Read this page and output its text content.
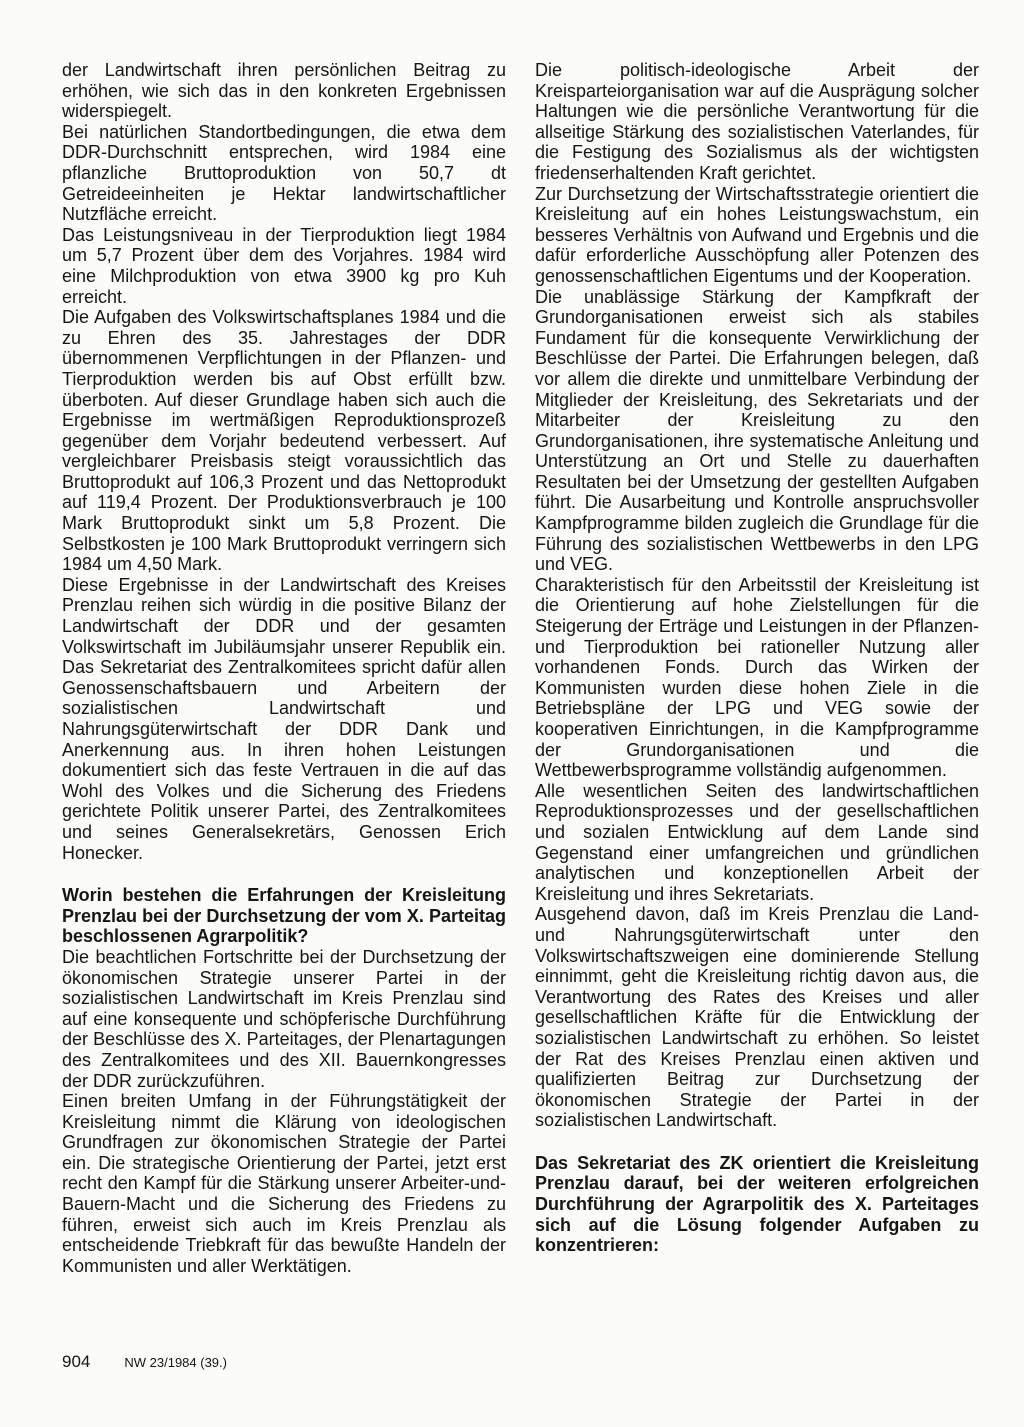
der Landwirtschaft ihren persönlichen Beitrag zu erhöhen, wie sich das in den konkreten Ergebnissen widerspiegelt.

Bei natürlichen Standortbedingungen, die etwa dem DDR-Durchschnitt entsprechen, wird 1984 eine pflanzliche Bruttoproduktion von 50,7 dt Getreideeinheiten je Hektar landwirtschaftlicher Nutzfläche erreicht.

Das Leistungsniveau in der Tierproduktion liegt 1984 um 5,7 Prozent über dem des Vorjahres. 1984 wird eine Milchproduktion von etwa 3900 kg pro Kuh erreicht.

Die Aufgaben des Volkswirtschaftsplanes 1984 und die zu Ehren des 35. Jahrestages der DDR übernommenen Verpflichtungen in der Pflanzen- und Tierproduktion werden bis auf Obst erfüllt bzw. überboten. Auf dieser Grundlage haben sich auch die Ergebnisse im wertmäßigen Reproduktionsprozeß gegenüber dem Vorjahr bedeutend verbessert. Auf vergleichbarer Preisbasis steigt voraussichtlich das Bruttoprodukt auf 106,3 Prozent und das Nettoprodukt auf 119,4 Prozent. Der Produktionsverbrauch je 100 Mark Bruttoprodukt sinkt um 5,8 Prozent. Die Selbstkosten je 100 Mark Bruttoprodukt verringern sich 1984 um 4,50 Mark.

Diese Ergebnisse in der Landwirtschaft des Kreises Prenzlau reihen sich würdig in die positive Bilanz der Landwirtschaft der DDR und der gesamten Volkswirtschaft im Jubiläumsjahr unserer Republik ein. Das Sekretariat des Zentralkomitees spricht dafür allen Genossenschaftsbauern und Arbeitern der sozialistischen Landwirtschaft und Nahrungsgüterwirtschaft der DDR Dank und Anerkennung aus. In ihren hohen Leistungen dokumentiert sich das feste Vertrauen in die auf das Wohl des Volkes und die Sicherung des Friedens gerichtete Politik unserer Partei, des Zentralkomitees und seines Generalsekretärs, Genossen Erich Honecker.

Worin bestehen die Erfahrungen der Kreisleitung Prenzlau bei der Durchsetzung der vom X. Parteitag beschlossenen Agrarpolitik?

Die beachtlichen Fortschritte bei der Durchsetzung der ökonomischen Strategie unserer Partei in der sozialistischen Landwirtschaft im Kreis Prenzlau sind auf eine konsequente und schöpferische Durchführung der Beschlüsse des X. Parteitages, der Plenartagungen des Zentralkomitees und des XII. Bauernkongresses der DDR zurückzuführen.

Einen breiten Umfang in der Führungstätigkeit der Kreisleitung nimmt die Klärung von ideologischen Grundfragen zur ökonomischen Strategie der Partei ein. Die strategische Orientierung der Partei, jetzt erst recht den Kampf für die Stärkung unserer Arbeiter-und-Bauern-Macht und die Sicherung des Friedens zu führen, erweist sich auch im Kreis Prenzlau als entscheidende Triebkraft für das bewußte Handeln der Kommunisten und aller Werktätigen.

Die politisch-ideologische Arbeit der Kreisparteiorganisation war auf die Ausprägung solcher Haltungen wie die persönliche Verantwortung für die allseitige Stärkung des sozialistischen Vaterlandes, für die Festigung des Sozialismus als der wichtigsten friedenserhaltenden Kraft gerichtet.

Zur Durchsetzung der Wirtschaftsstrategie orientiert die Kreisleitung auf ein hohes Leistungswachstum, ein besseres Verhältnis von Aufwand und Ergebnis und die dafür erforderliche Ausschöpfung aller Potenzen des genossenschaftlichen Eigentums und der Kooperation.

Die unablässige Stärkung der Kampfkraft der Grundorganisationen erweist sich als stabiles Fundament für die konsequente Verwirklichung der Beschlüsse der Partei. Die Erfahrungen belegen, daß vor allem die direkte und unmittelbare Verbindung der Mitglieder der Kreisleitung, des Sekretariats und der Mitarbeiter der Kreisleitung zu den Grundorganisationen, ihre systematische Anleitung und Unterstützung an Ort und Stelle zu dauerhaften Resultaten bei der Umsetzung der gestellten Aufgaben führt. Die Ausarbeitung und Kontrolle anspruchsvoller Kampfprogramme bilden zugleich die Grundlage für die Führung des sozialistischen Wettbewerbs in den LPG und VEG.

Charakteristisch für den Arbeitsstil der Kreisleitung ist die Orientierung auf hohe Zielstellungen für die Steigerung der Erträge und Leistungen in der Pflanzen- und Tierproduktion bei rationeller Nutzung aller vorhandenen Fonds. Durch das Wirken der Kommunisten wurden diese hohen Ziele in die Betriebspläne der LPG und VEG sowie der kooperativen Einrichtungen, in die Kampfprogramme der Grundorganisationen und die Wettbewerbsprogramme vollständig aufgenommen.

Alle wesentlichen Seiten des landwirtschaftlichen Reproduktionsprozesses und der gesellschaftlichen und sozialen Entwicklung auf dem Lande sind Gegenstand einer umfangreichen und gründlichen analytischen und konzeptionellen Arbeit der Kreisleitung und ihres Sekretariats.

Ausgehend davon, daß im Kreis Prenzlau die Land- und Nahrungsgüterwirtschaft unter den Volkswirtschaftszweigen eine dominierende Stellung einnimmt, geht die Kreisleitung richtig davon aus, die Verantwortung des Rates des Kreises und aller gesellschaftlichen Kräfte für die Entwicklung der sozialistischen Landwirtschaft zu erhöhen. So leistet der Rat des Kreises Prenzlau einen aktiven und qualifizierten Beitrag zur Durchsetzung der ökonomischen Strategie der Partei in der sozialistischen Landwirtschaft.

Das Sekretariat des ZK orientiert die Kreisleitung Prenzlau darauf, bei der weiteren erfolgreichen Durchführung der Agrarpolitik des X. Parteitages sich auf die Lösung folgender Aufgaben zu konzentrieren:
904	NW 23/1984 (39.)
